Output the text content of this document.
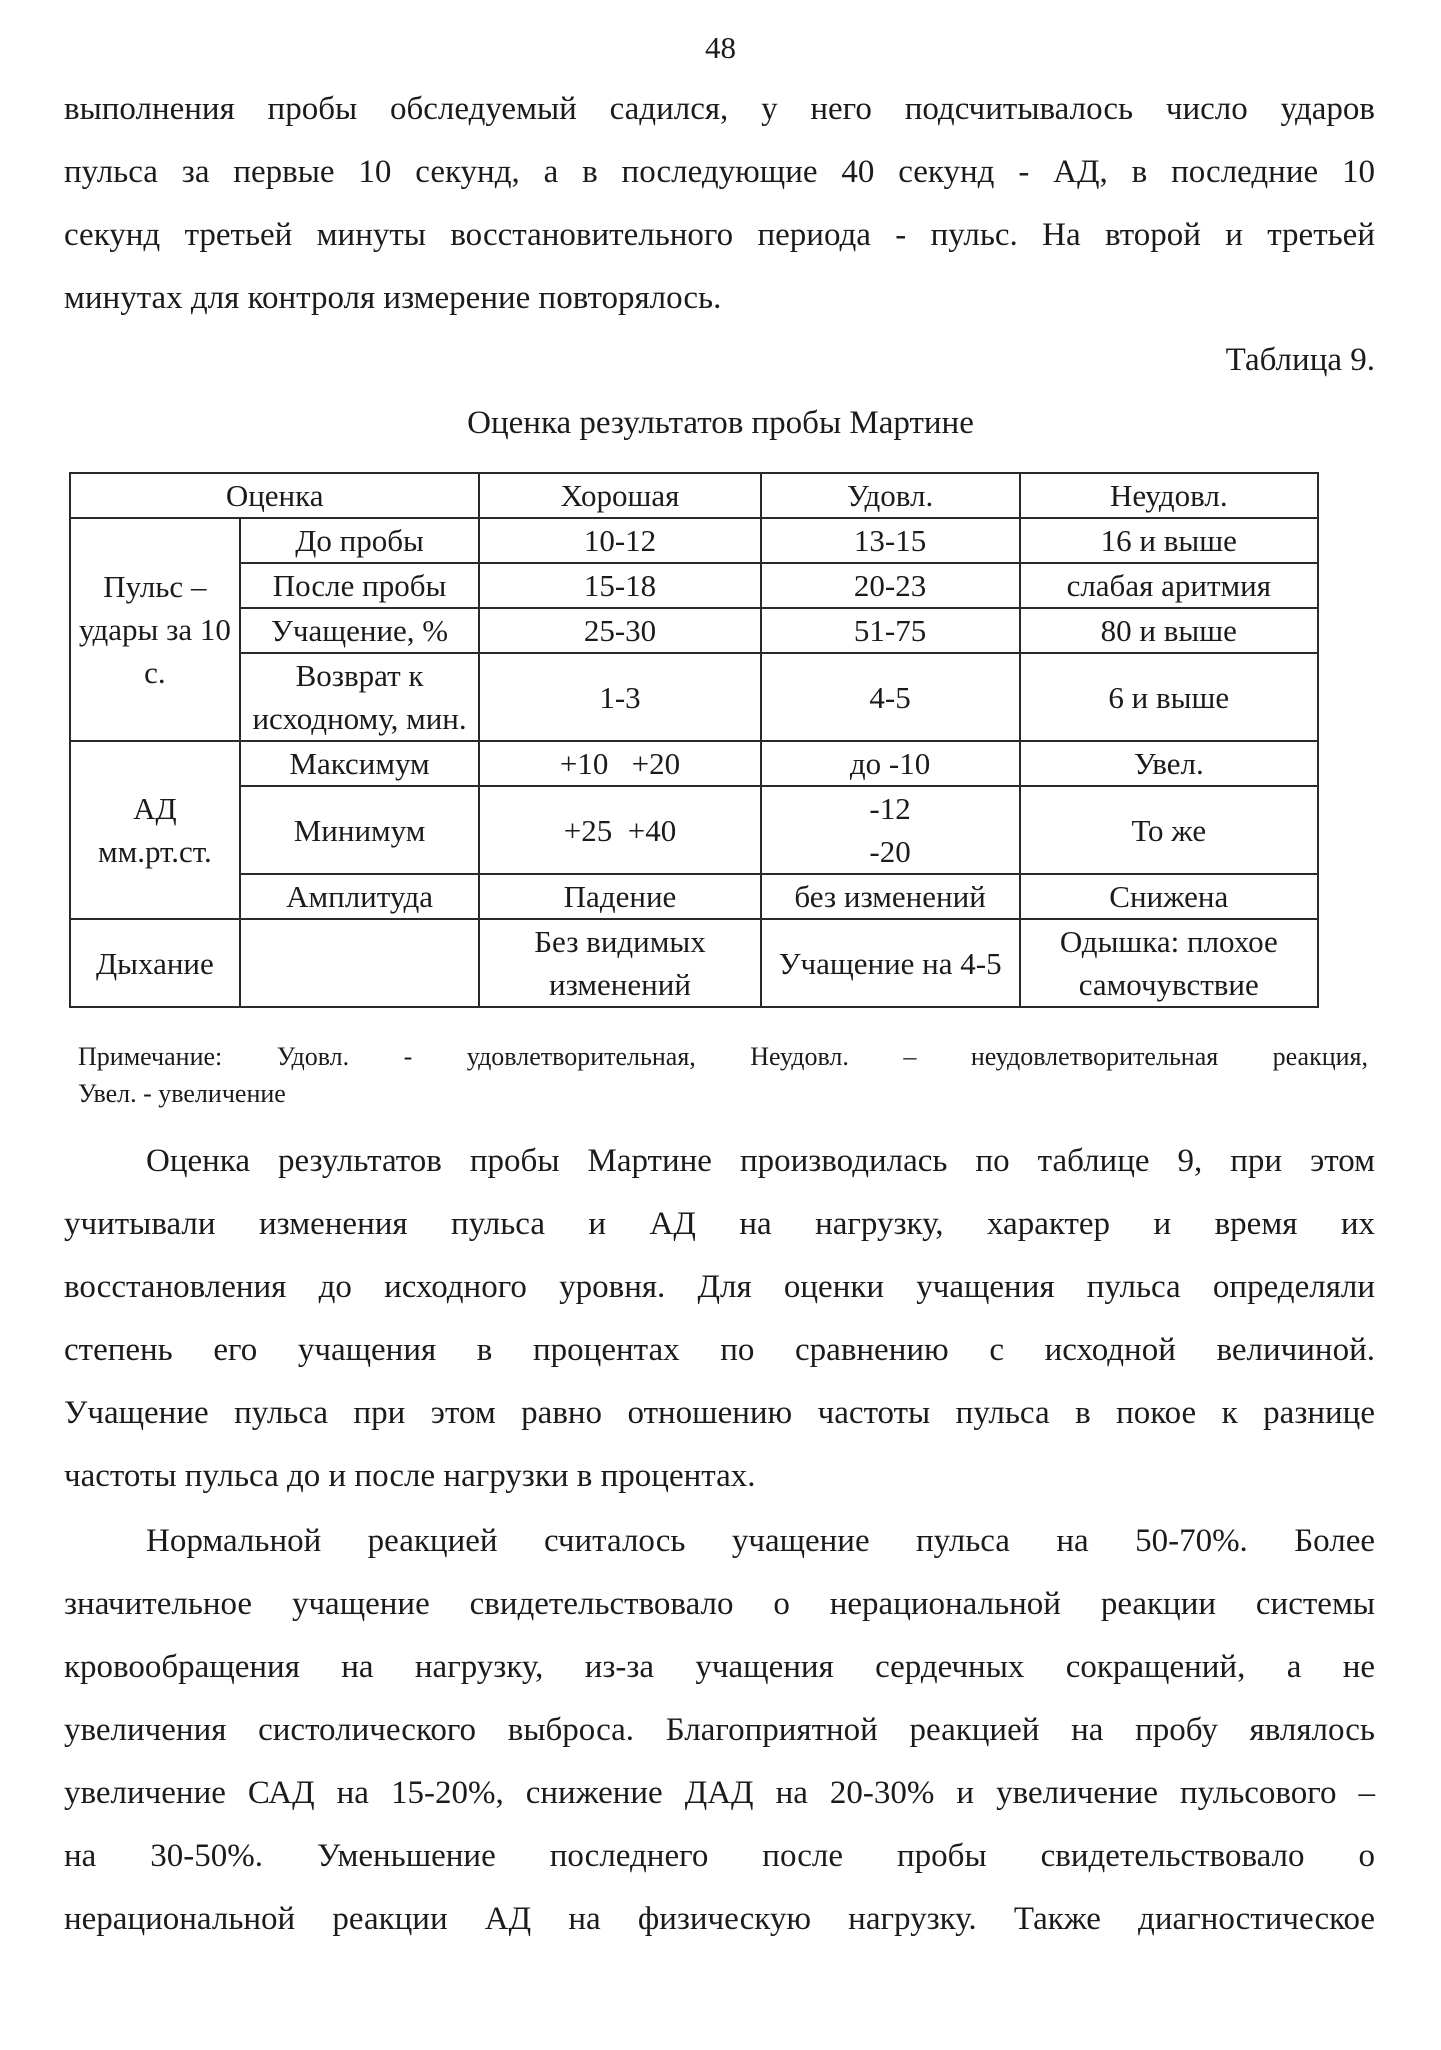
48
выполнения пробы обследуемый садился, у него подсчитывалось число ударов
пульса за первые 10 секунд, а в последующие 40 секунд - АД, в последние 10
секунд третьей минуты восстановительного периода - пульс. На второй и третьей
минутах для контроля измерение повторялось.
Таблица 9.
Оценка результатов пробы Мартине
Оценка		Хорошая	Удовл.	Неудовл.
Пульс – удары за 10 с.	До пробы	10-12	13-15	16 и выше
	После пробы	15-18	20-23	слабая аритмия
	Учащение, %	25-30	51-75	80 и выше
	Возврат к исходному, мин.	1-3	4-5	6 и выше
АД мм.рт.ст.	Максимум	+10   +20	до -10	Увел.
	Минимум	+25  +40	-12 -20	То же
	Амплитуда	Падение	без изменений	Снижена
Дыхание		Без видимых изменений	Учащение на 4-5	Одышка: плохое самочувствие
Примечание: Удовл. - удовлетворительная, Неудовл. – неудовлетворительная реакция,
Увел. - увеличение
Оценка результатов пробы Мартине производилась по таблице 9, при этом
учитывали изменения пульса и АД на нагрузку, характер и время их
восстановления до исходного уровня. Для оценки учащения пульса определяли
степень его учащения в процентах по сравнению с исходной величиной.
Учащение пульса при этом равно отношению частоты пульса в покое к разнице
частоты пульса до и после нагрузки в процентах.
Нормальной реакцией считалось учащение пульса на 50-70%. Более
значительное учащение свидетельствовало о нерациональной реакции системы
кровообращения на нагрузку, из-за учащения сердечных сокращений, а не
увеличения систолического выброса. Благоприятной реакцией на пробу являлось
увеличение САД на 15-20%, снижение ДАД на 20-30% и увеличение пульсового –
на 30-50%. Уменьшение последнего после пробы свидетельствовало о
нерациональной реакции АД на физическую нагрузку. Также диагностическое
